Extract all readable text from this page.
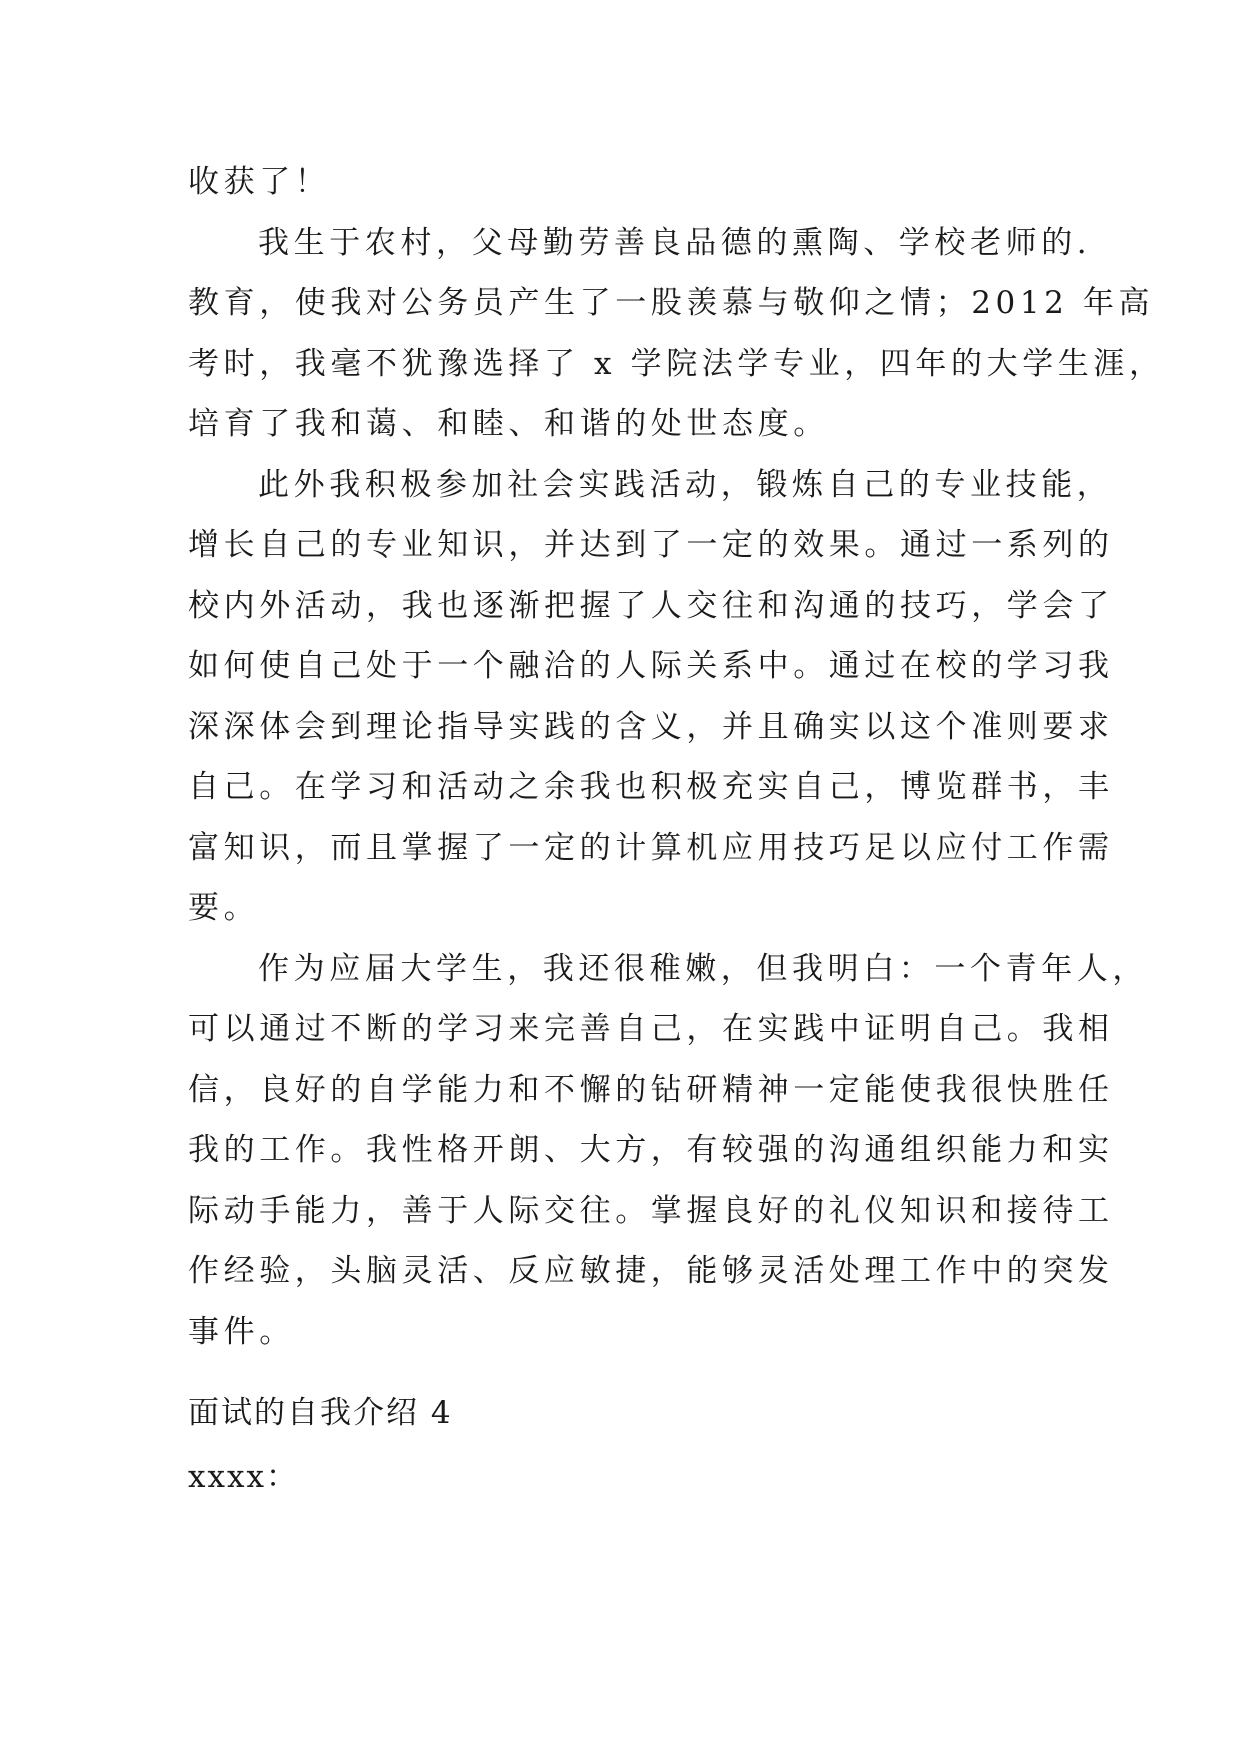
收获了！
我生于农村，父母勤劳善良品德的熏陶、学校老师的.
教育，使我对公务员产生了一股羡慕与敬仰之情；2012 年高
考时，我毫不犹豫选择了 x 学院法学专业，四年的大学生涯，
培育了我和蔼、和睦、和谐的处世态度。
此外我积极参加社会实践活动，锻炼自己的专业技能，
增长自己的专业知识，并达到了一定的效果。通过一系列的
校内外活动，我也逐渐把握了人交往和沟通的技巧，学会了
如何使自己处于一个融洽的人际关系中。通过在校的学习我
深深体会到理论指导实践的含义，并且确实以这个准则要求
自己。在学习和活动之余我也积极充实自己，博览群书，丰
富知识，而且掌握了一定的计算机应用技巧足以应付工作需
要。
作为应届大学生，我还很稚嫩，但我明白：一个青年人，
可以通过不断的学习来完善自己，在实践中证明自己。我相
信，良好的自学能力和不懈的钻研精神一定能使我很快胜任
我的工作。我性格开朗、大方，有较强的沟通组织能力和实
际动手能力，善于人际交往。掌握良好的礼仪知识和接待工
作经验，头脑灵活、反应敏捷，能够灵活处理工作中的突发
事件。
面试的自我介绍 4
xxxx：
